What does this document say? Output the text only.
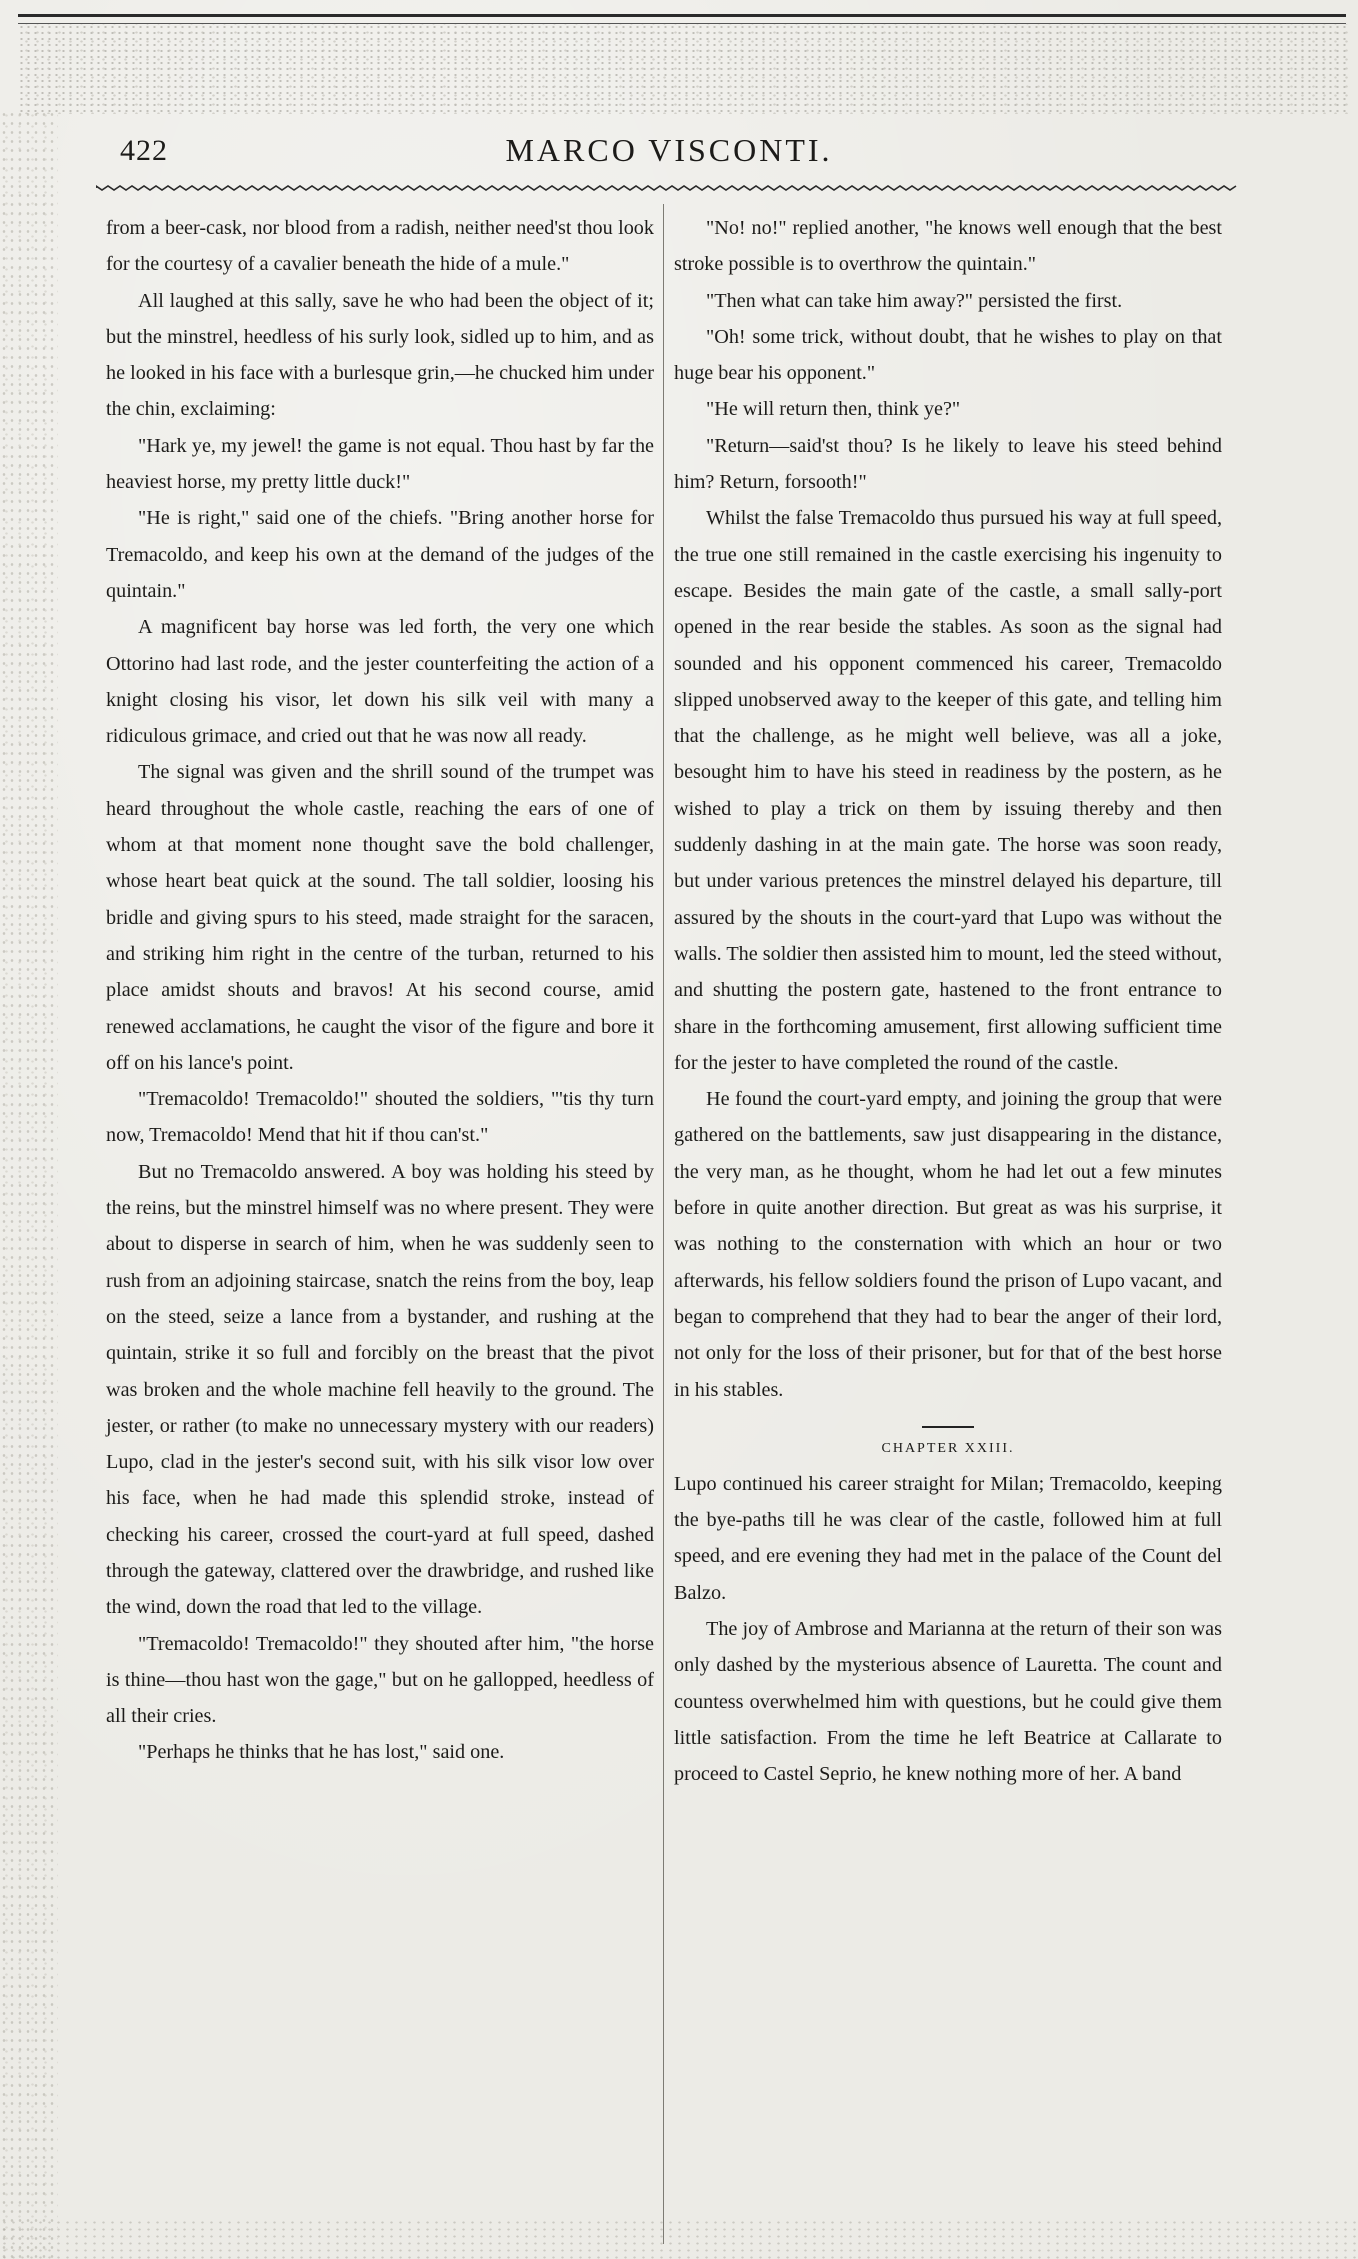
422	MARCO VISCONTI.

from a beer-cask, nor blood from a radish, neither need'st thou look for the courtesy of a cavalier beneath the hide of a mule."

All laughed at this sally, save he who had been the object of it; but the minstrel, heedless of his surly look, sidled up to him, and as he looked in his face with a burlesque grin,—he chucked him under the chin, exclaiming:

"Hark ye, my jewel! the game is not equal. Thou hast by far the heaviest horse, my pretty little duck!"

"He is right," said one of the chiefs. "Bring another horse for Tremacoldo, and keep his own at the demand of the judges of the quintain."

A magnificent bay horse was led forth, the very one which Ottorino had last rode, and the jester counterfeiting the action of a knight closing his visor, let down his silk veil with many a ridiculous grimace, and cried out that he was now all ready.

The signal was given and the shrill sound of the trumpet was heard throughout the whole castle, reaching the ears of one of whom at that moment none thought save the bold challenger, whose heart beat quick at the sound. The tall soldier, loosing his bridle and giving spurs to his steed, made straight for the saracen, and striking him right in the centre of the turban, returned to his place amidst shouts and bravos! At his second course, amid renewed acclamations, he caught the visor of the figure and bore it off on his lance's point.

"Tremacoldo! Tremacoldo!" shouted the soldiers, "'tis thy turn now, Tremacoldo! Mend that hit if thou can'st."

But no Tremacoldo answered. A boy was holding his steed by the reins, but the minstrel himself was no where present. They were about to disperse in search of him, when he was suddenly seen to rush from an adjoining staircase, snatch the reins from the boy, leap on the steed, seize a lance from a bystander, and rushing at the quintain, strike it so full and forcibly on the breast that the pivot was broken and the whole machine fell heavily to the ground. The jester, or rather (to make no unnecessary mystery with our readers) Lupo, clad in the jester's second suit, with his silk visor low over his face, when he had made this splendid stroke, instead of checking his career, crossed the court-yard at full speed, dashed through the gateway, clattered over the drawbridge, and rushed like the wind, down the road that led to the village.

"Tremacoldo! Tremacoldo!" they shouted after him, "the horse is thine—thou hast won the gage," but on he gallopped, heedless of all their cries.

"Perhaps he thinks that he has lost," said one.

"No! no!" replied another, "he knows well enough that the best stroke possible is to overthrow the quintain."

"Then what can take him away?" persisted the first.

"Oh! some trick, without doubt, that he wishes to play on that huge bear his opponent."

"He will return then, think ye?"

"Return—said'st thou? Is he likely to leave his steed behind him? Return, forsooth!"

Whilst the false Tremacoldo thus pursued his way at full speed, the true one still remained in the castle exercising his ingenuity to escape. Besides the main gate of the castle, a small sally-port opened in the rear beside the stables. As soon as the signal had sounded and his opponent commenced his career, Tremacoldo slipped unobserved away to the keeper of this gate, and telling him that the challenge, as he might well believe, was all a joke, besought him to have his steed in readiness by the postern, as he wished to play a trick on them by issuing thereby and then suddenly dashing in at the main gate. The horse was soon ready, but under various pretences the minstrel delayed his departure, till assured by the shouts in the court-yard that Lupo was without the walls. The soldier then assisted him to mount, led the steed without, and shutting the postern gate, hastened to the front entrance to share in the forthcoming amusement, first allowing sufficient time for the jester to have completed the round of the castle.

He found the court-yard empty, and joining the group that were gathered on the battlements, saw just disappearing in the distance, the very man, as he thought, whom he had let out a few minutes before in quite another direction. But great as was his surprise, it was nothing to the consternation with which an hour or two afterwards, his fellow soldiers found the prison of Lupo vacant, and began to comprehend that they had to bear the anger of their lord, not only for the loss of their prisoner, but for that of the best horse in his stables.

CHAPTER XXIII.

Lupo continued his career straight for Milan; Tremacoldo, keeping the bye-paths till he was clear of the castle, followed him at full speed, and ere evening they had met in the palace of the Count del Balzo.

The joy of Ambrose and Marianna at the return of their son was only dashed by the mysterious absence of Lauretta. The count and countess overwhelmed him with questions, but he could give them little satisfaction. From the time he left Beatrice at Callarate to proceed to Castel Seprio, he knew nothing more of her. A band
